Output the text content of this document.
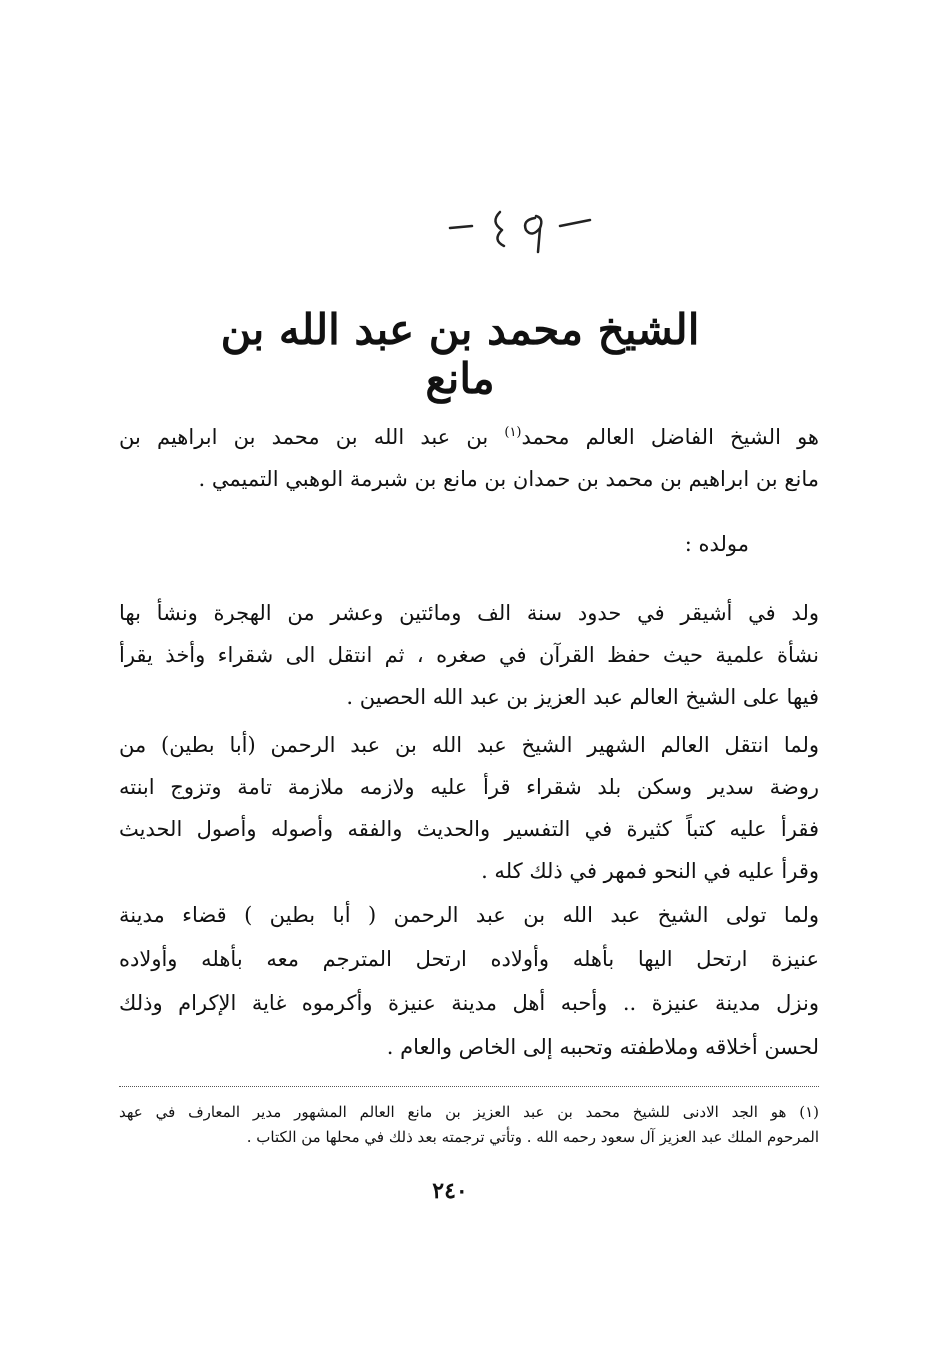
الشيخ محمد بن عبد الله بن مانع
هو الشيخ الفاضل العالم محمد$^{(١)}$ بن عبد الله بن محمد بن ابراهيم بن
مانع بن ابراهيم بن محمد بن حمدان بن مانع بن شبرمة الوهبي التميمي .
مولده :
ولد في أشيقر في حدود سنة الف ومائتين وعشر من الهجرة ونشأ بها
نشأة علمية حيث حفظ القرآن في صغره ، ثم انتقل الى شقراء وأخذ يقرأ
فيها على الشيخ العالم عبد العزيز بن عبد الله الحصين .
ولما انتقل العالم الشهير الشيخ عبد الله بن عبد الرحمن (أبا بطين) من
روضة سدير وسكن بلد شقراء قرأ عليه ولازمه ملازمة تامة وتزوج ابنته
فقرأ عليه كتباً كثيرة في التفسير والحديث والفقه وأصوله وأصول الحديث
وقرأ عليه في النحو فمهر في ذلك كله .
ولما تولى الشيخ عبد الله بن عبد الرحمن ( أبا بطين ) قضاء مدينة
عنيزة ارتحل اليها بأهله وأولاده ارتحل المترجم معه بأهله وأولاده
ونزل مدينة عنيزة .. وأحبه أهل مدينة عنيزة وأكرموه غاية الإكرام وذلك
لحسن أخلاقه وملاطفته وتحببه إلى الخاص والعام .
(١) هو الجد الادنى للشيخ محمد بن عبد العزيز بن مانع العالم المشهور مدير المعارف في عهد
المرحوم الملك عبد العزيز آل سعود رحمه الله . وتأتي ترجمته بعد ذلك في محلها من الكتاب .
٢٤٠
